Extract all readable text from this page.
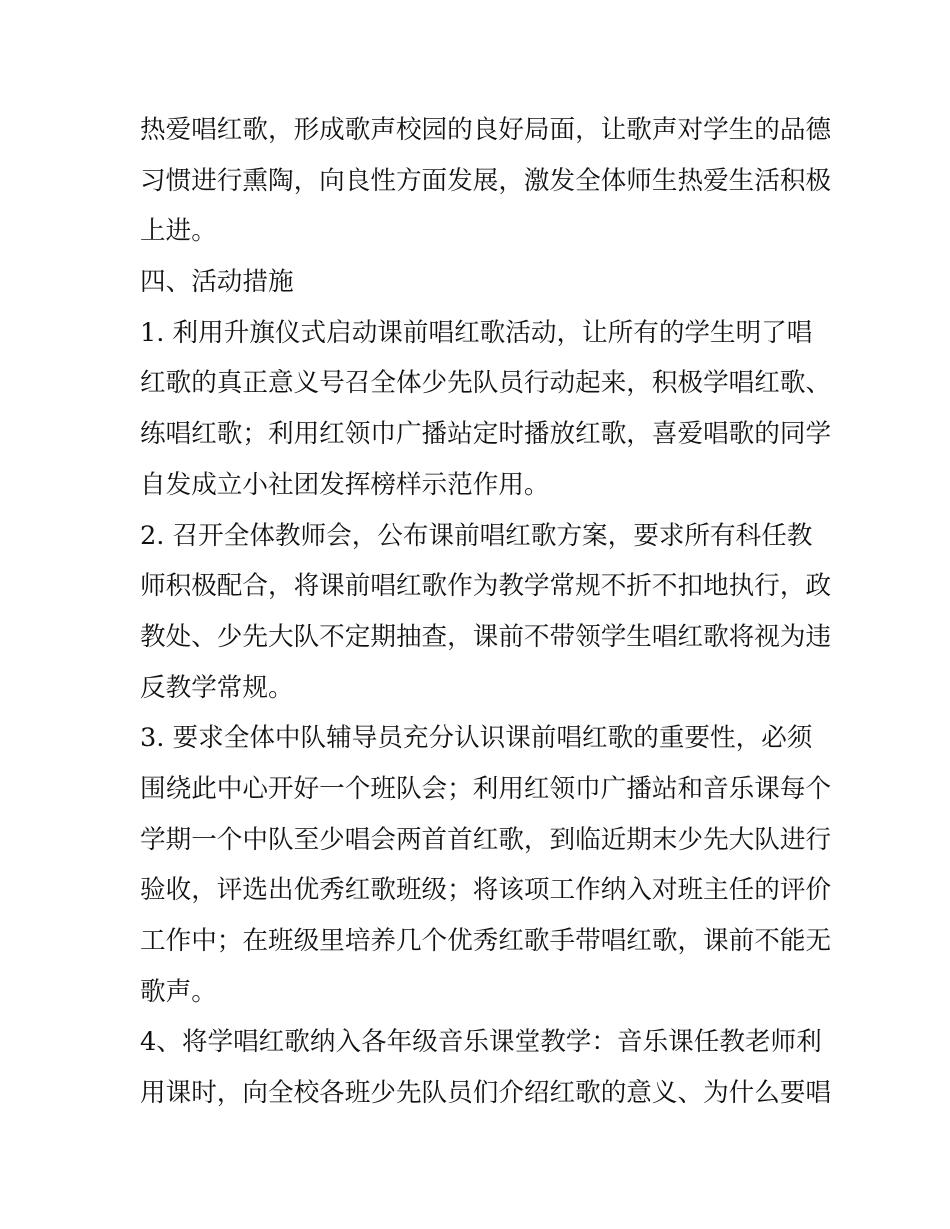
热爱唱红歌，形成歌声校园的良好局面，让歌声对学生的品德
习惯进行熏陶，向良性方面发展，激发全体师生热爱生活积极
上进。
四、活动措施
1. 利用升旗仪式启动课前唱红歌活动，让所有的学生明了唱
红歌的真正意义号召全体少先队员行动起来，积极学唱红歌、
练唱红歌；利用红领巾广播站定时播放红歌，喜爱唱歌的同学
自发成立小社团发挥榜样示范作用。
2. 召开全体教师会，公布课前唱红歌方案，要求所有科任教
师积极配合，将课前唱红歌作为教学常规不折不扣地执行，政
教处、少先大队不定期抽查，课前不带领学生唱红歌将视为违
反教学常规。
3. 要求全体中队辅导员充分认识课前唱红歌的重要性，必须
围绕此中心开好一个班队会；利用红领巾广播站和音乐课每个
学期一个中队至少唱会两首首红歌，到临近期末少先大队进行
验收，评选出优秀红歌班级；将该项工作纳入对班主任的评价
工作中；在班级里培养几个优秀红歌手带唱红歌，课前不能无
歌声。
4、将学唱红歌纳入各年级音乐课堂教学：音乐课任教老师利
用课时，向全校各班少先队员们介绍红歌的意义、为什么要唱
